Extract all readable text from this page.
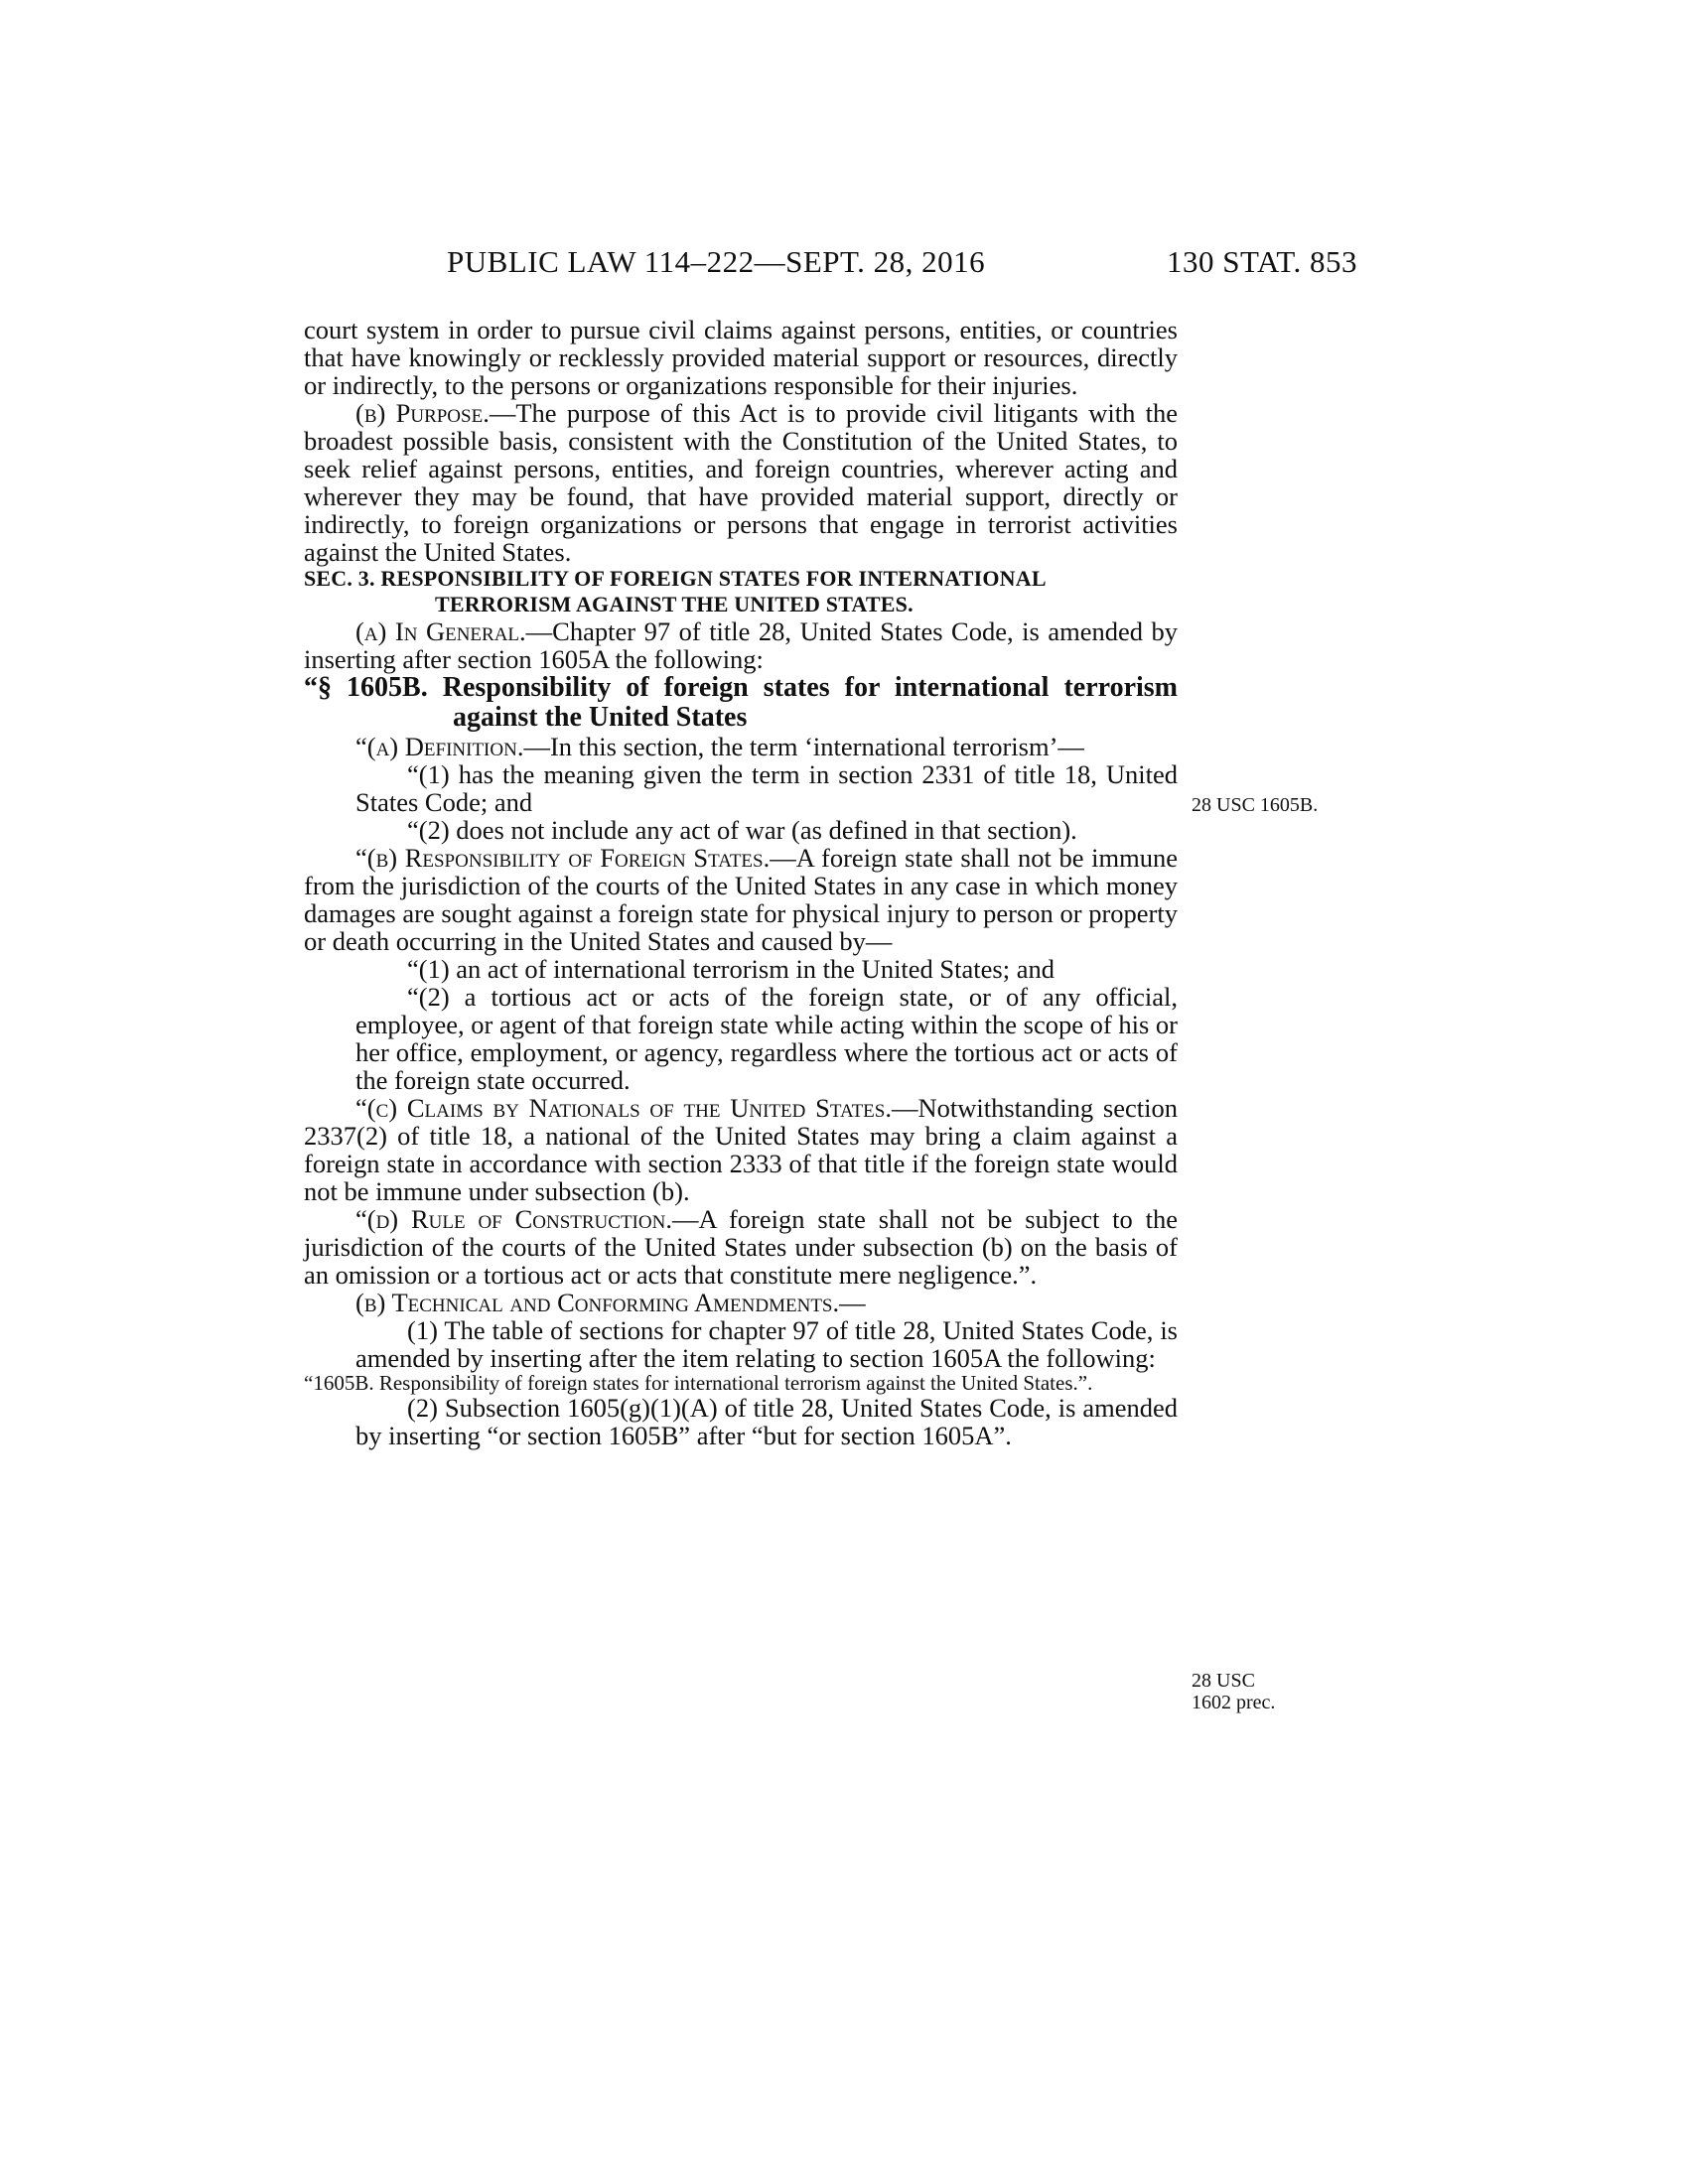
PUBLIC LAW 114–222—SEPT. 28, 2016	130 STAT. 853

court system in order to pursue civil claims against persons, entities, or countries that have knowingly or recklessly provided material support or resources, directly or indirectly, to the persons or organizations responsible for their injuries.

(b) Purpose.—The purpose of this Act is to provide civil litigants with the broadest possible basis, consistent with the Constitution of the United States, to seek relief against persons, entities, and foreign countries, wherever acting and wherever they may be found, that have provided material support, directly or indirectly, to foreign organizations or persons that engage in terrorist activities against the United States.

SEC. 3. RESPONSIBILITY OF FOREIGN STATES FOR INTERNATIONAL TERRORISM AGAINST THE UNITED STATES.

(a) In General.—Chapter 97 of title 28, United States Code, is amended by inserting after section 1605A the following:

“§ 1605B. Responsibility of foreign states for international terrorism against the United States

“(a) Definition.—In this section, the term ‘international terrorism’—

“(1) has the meaning given the term in section 2331 of title 18, United States Code; and

“(2) does not include any act of war (as defined in that section).

“(b) Responsibility of Foreign States.—A foreign state shall not be immune from the jurisdiction of the courts of the United States in any case in which money damages are sought against a foreign state for physical injury to person or property or death occurring in the United States and caused by—

“(1) an act of international terrorism in the United States; and

“(2) a tortious act or acts of the foreign state, or of any official, employee, or agent of that foreign state while acting within the scope of his or her office, employment, or agency, regardless where the tortious act or acts of the foreign state occurred.

“(c) Claims by Nationals of the United States.—Notwithstanding section 2337(2) of title 18, a national of the United States may bring a claim against a foreign state in accordance with section 2333 of that title if the foreign state would not be immune under subsection (b).

“(d) Rule of Construction.—A foreign state shall not be subject to the jurisdiction of the courts of the United States under subsection (b) on the basis of an omission or a tortious act or acts that constitute mere negligence.”.

(b) Technical and Conforming Amendments.—

(1) The table of sections for chapter 97 of title 28, United States Code, is amended by inserting after the item relating to section 1605A the following:

“1605B. Responsibility of foreign states for international terrorism against the United States.”.

(2) Subsection 1605(g)(1)(A) of title 28, United States Code, is amended by inserting “or section 1605B” after “but for section 1605A”.

28 USC 1605B.
28 USC
1602 prec.
